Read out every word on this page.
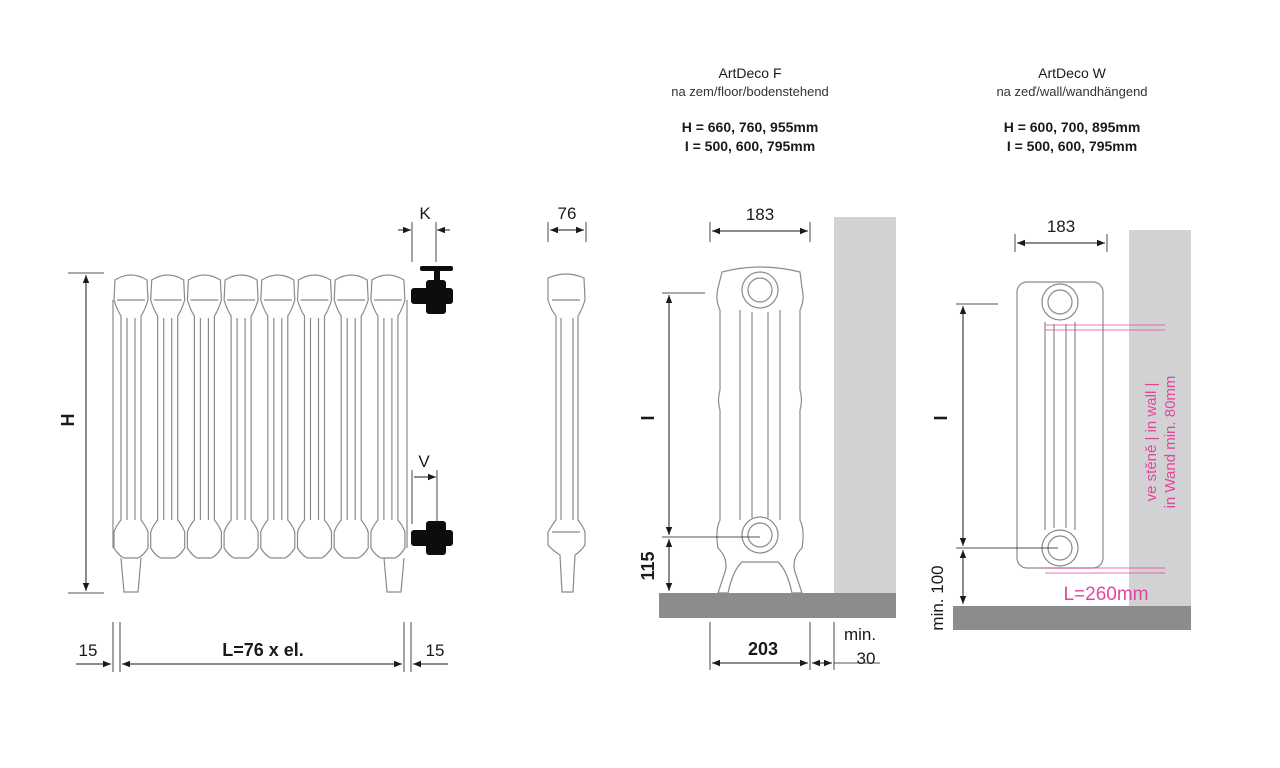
H
K
V
15	L=76 x el.	15
76
ArtDeco F
na zem/floor/bodenstehend
H = 660, 760, 955mm
I = 500, 600, 795mm
183
I
115
203
min.
30
ArtDeco W
na zeď/wall/wandhängend
H = 600, 700, 895mm
I = 500, 600, 795mm
183
I
min. 100
ve stěně | in wall | in Wand min. 80mm
L=260mm
